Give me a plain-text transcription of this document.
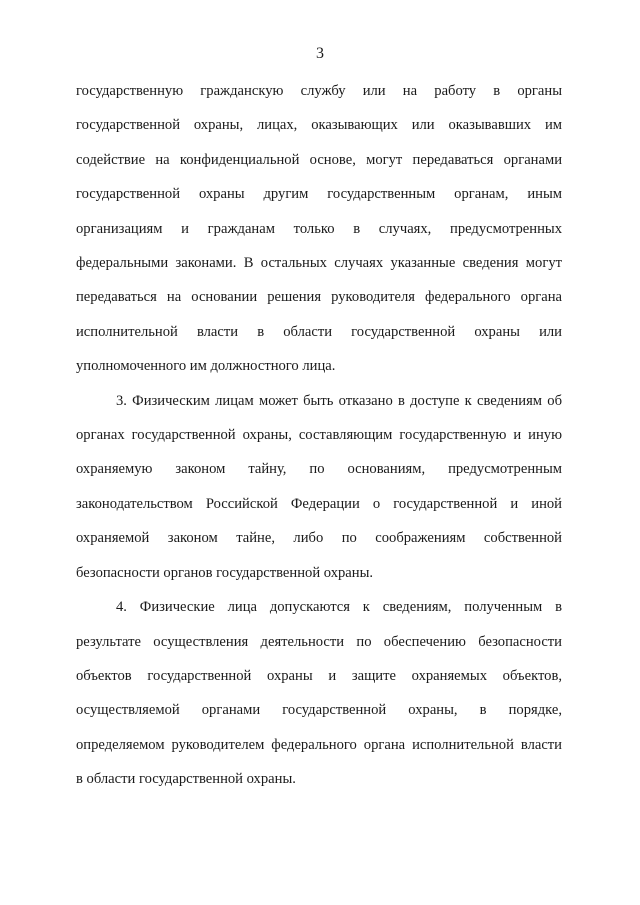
3
государственную гражданскую службу или на работу в органы
государственной охраны, лицах, оказывающих или оказывавших им
содействие на конфиденциальной основе, могут передаваться органами
государственной охраны другим государственным органам, иным
организациям и гражданам только в случаях, предусмотренных
федеральными законами. В остальных случаях указанные сведения могут
передаваться на основании решения руководителя федерального органа
исполнительной власти в области государственной охраны или
уполномоченного им должностного лица.
3. Физическим лицам может быть отказано в доступе к сведениям об
органах государственной охраны, составляющим государственную и иную
охраняемую законом тайну, по основаниям, предусмотренным
законодательством Российской Федерации о государственной и иной
охраняемой законом тайне, либо по соображениям собственной
безопасности органов государственной охраны.
4. Физические лица допускаются к сведениям, полученным в
результате осуществления деятельности по обеспечению безопасности
объектов государственной охраны и защите охраняемых объектов,
осуществляемой органами государственной охраны, в порядке,
определяемом руководителем федерального органа исполнительной власти
в области государственной охраны.
